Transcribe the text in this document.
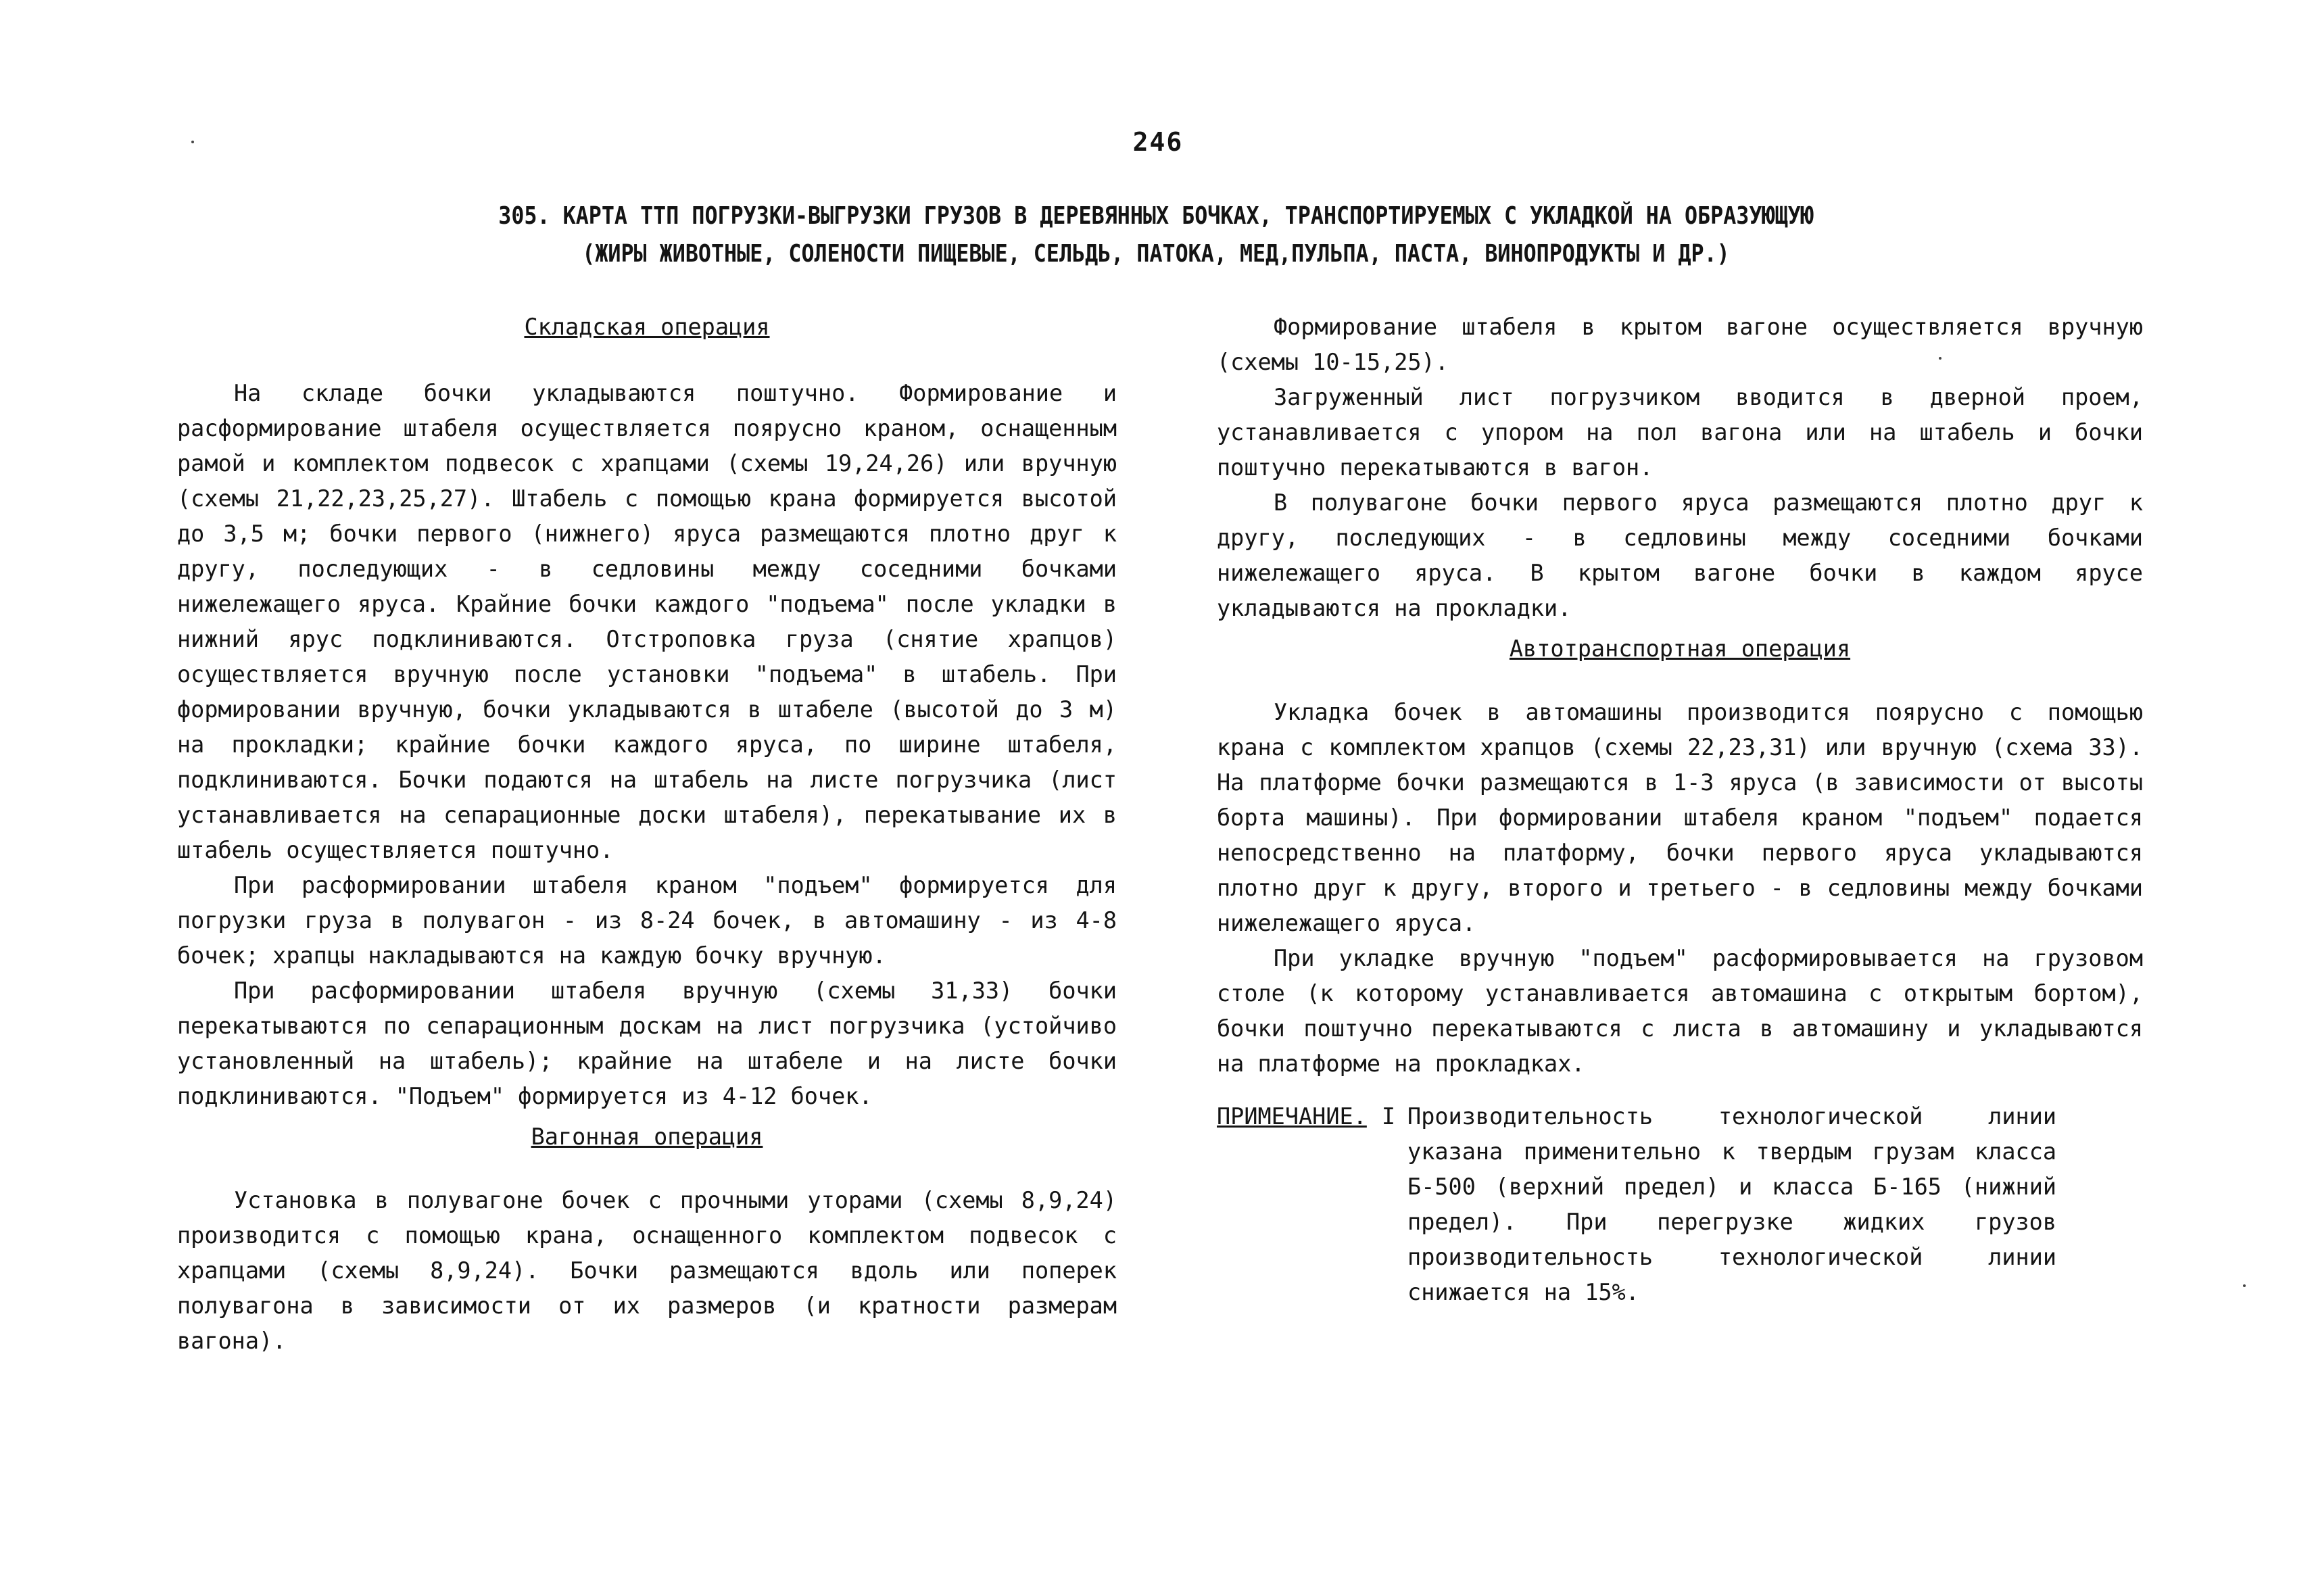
246
305. КАРТА ТТП ПОГРУЗКИ-ВЫГРУЗКИ ГРУЗОВ В ДЕРЕВЯННЫХ БОЧКАХ, ТРАНСПОРТИРУЕМЫХ С УКЛАДКОЙ НА ОБРАЗУЮЩУЮ
(ЖИРЫ ЖИВОТНЫЕ, СОЛЕНОСТИ ПИЩЕВЫЕ, СЕЛЬДЬ, ПАТОКА, МЕД,ПУЛЬПА, ПАСТА, ВИНОПРОДУКТЫ И ДР.)

Складская операция

На складе бочки укладываются поштучно. Формирование и расформирование штабеля осуществляется поярусно краном, оснащенным рамой и комплектом подвесок с храпцами (схемы 19,24,26) или вручную (схемы 21,22,23,25,27). Штабель с помощью крана формируется высотой до 3,5 м; бочки первого (нижнего) яруса размещаются плотно друг к другу, последующих - в седловины между соседними бочками нижележащего яруса. Крайние бочки каждого "подъема" после укладки в нижний ярус подклиниваются. Отстроповка груза (снятие храпцов) осуществляется вручную после установки "подъема" в штабель. При формировании вручную, бочки укладываются в штабеле (высотой до 3 м) на прокладки; крайние бочки каждого яруса, по ширине штабеля, подклиниваются. Бочки подаются на штабель на листе погрузчика (лист устанавливается на сепарационные доски штабеля), перекатывание их в штабель осуществляется поштучно.

При расформировании штабеля краном "подъем" формируется для погрузки груза в полувагон - из 8-24 бочек, в автомашину - из 4-8 бочек; храпцы накладываются на каждую бочку вручную.

При расформировании штабеля вручную (схемы 31,33) бочки перекатываются по сепарационным доскам на лист погрузчика (устойчиво установленный на штабель); крайние на штабеле и на листе бочки подклиниваются. "Подъем" формируется из 4-12 бочек.

Вагонная операция

Установка в полувагоне бочек с прочными уторами (схемы 8,9,24) производится с помощью крана, оснащенного комплектом подвесок с храпцами (схемы 8,9,24). Бочки размещаются вдоль или поперек полувагона в зависимости от их размеров (и кратности размерам вагона).

Формирование штабеля в крытом вагоне осуществляется вручную (схемы 10-15,25).

Загруженный лист погрузчиком вводится в дверной проем, устанавливается с упором на пол вагона или на штабель и бочки поштучно перекатываются в вагон.

В полувагоне бочки первого яруса размещаются плотно друг к другу, последующих - в седловины между соседними бочками нижележащего яруса. В крытом вагоне бочки в каждом ярусе укладываются на прокладки.

Автотранспортная операция

Укладка бочек в автомашины производится поярусно с помощью крана с комплектом храпцов (схемы 22,23,31) или вручную (схема 33). На платформе бочки размещаются в 1-3 яруса (в зависимости от высоты борта машины). При формировании штабеля краном "подъем" подается непосредственно на платформу, бочки первого яруса укладываются плотно друг к другу, второго и третьего - в седловины между бочками нижележащего яруса.

При укладке вручную "подъем" расформировывается на грузовом столе (к которому устанавливается автомашина с открытым бортом), бочки поштучно перекатываются с листа в автомашину и укладываются на платформе на прокладках.

ПРИМЕЧАНИЕ. I Производительность технологической линии указана применительно к твердым грузам класса Б-500 (верхний предел) и класса Б-165 (нижний предел). При перегрузке жидких грузов производительность технологической линии снижается на 15%.
